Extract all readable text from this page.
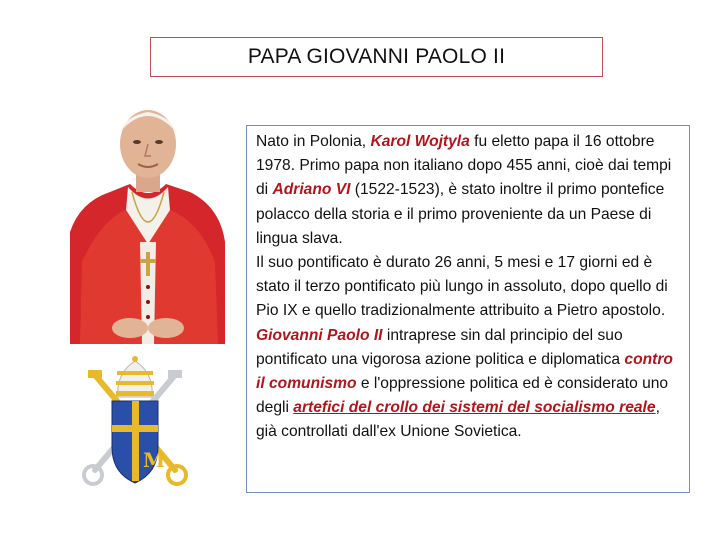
PAPA GIOVANNI PAOLO II
M

Nato in Polonia, Karol Wojtyla fu eletto papa il 16 ottobre 1978. Primo papa non italiano dopo 455 anni, cioè dai tempi di Adriano VI (1522-1523), è stato inoltre il primo pontefice polacco della storia e il primo proveniente da un Paese di lingua slava.

Il suo pontificato è durato 26 anni, 5 mesi e 17 giorni ed è stato il terzo pontificato più lungo in assoluto, dopo quello di Pio IX e quello tradizionalmente attribuito a Pietro apostolo. Giovanni Paolo II intraprese sin dal principio del suo pontificato una vigorosa azione politica e diplomatica contro il comunismo e l'oppressione politica ed è considerato uno degli artefici del crollo dei sistemi del socialismo reale, già controllati dall'ex Unione Sovietica.
